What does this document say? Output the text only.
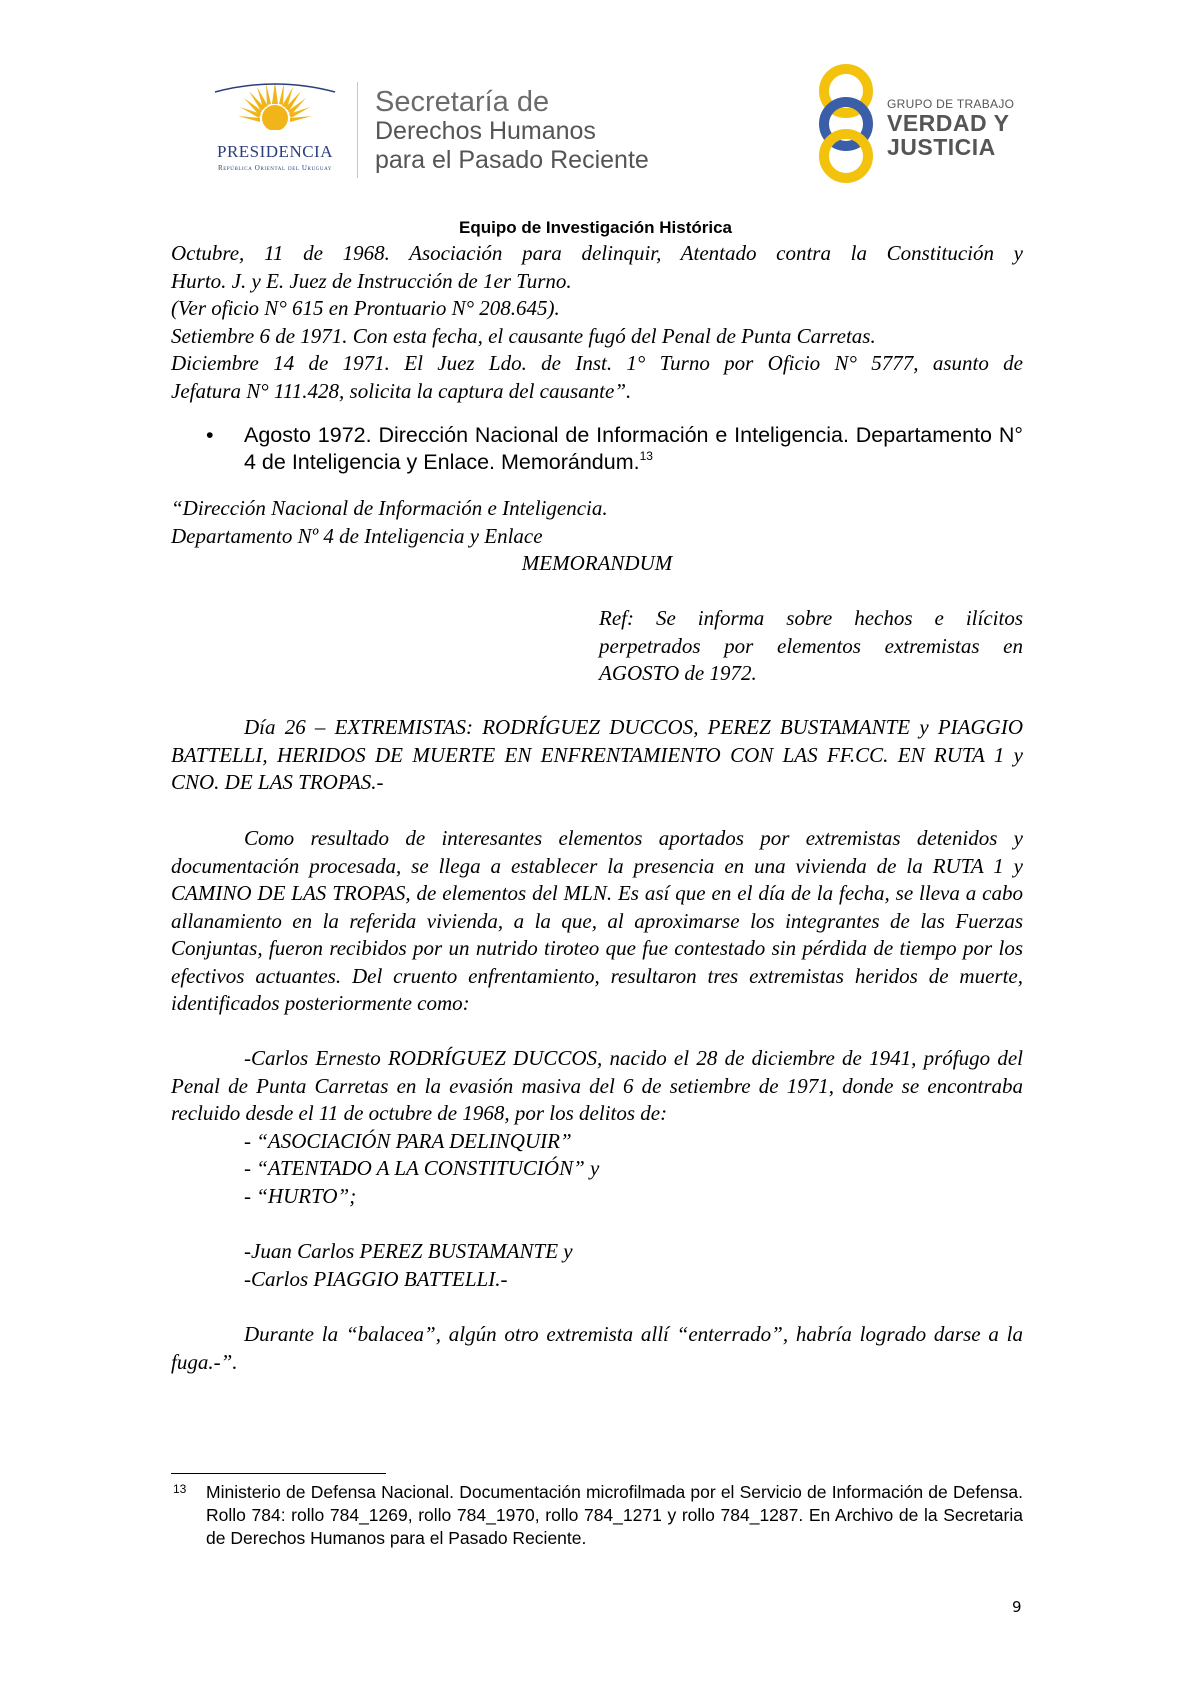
PRESIDENCIA
República Oriental del Uruguay
Secretaría de
Derechos Humanos
para el Pasado Reciente
GRUPO DE TRABAJO
VERDAD Y
JUSTICIA
Equipo de Investigación Histórica
Octubre, 11 de 1968. Asociación para delinquir, Atentado contra la Constitución y
Hurto. J. y E. Juez de Instrucción de 1er Turno.
(Ver oficio N° 615 en Prontuario N° 208.645).
Setiembre 6 de 1971. Con esta fecha, el causante fugó del Penal de Punta Carretas.
Diciembre 14 de 1971. El Juez Ldo. de Inst. 1° Turno por Oficio N° 5777, asunto de
Jefatura N° 111.428, solicita la captura del causante”.
• Agosto 1972. Dirección Nacional de Información e Inteligencia. Departamento N° 4 de Inteligencia y Enlace. Memorándum.$^{13}$
“Dirección Nacional de Información e Inteligencia.
Departamento Nº 4 de Inteligencia y Enlace
MEMORANDUM
Ref: Se informa sobre hechos e ilícitos
perpetrados por elementos extremistas en
AGOSTO de 1972.

Día 26 – EXTREMISTAS: RODRÍGUEZ DUCCOS, PEREZ BUSTAMANTE y PIAGGIO BATTELLI, HERIDOS DE MUERTE EN ENFRENTAMIENTO CON LAS FF.CC. EN RUTA 1 y CNO. DE LAS TROPAS.-

Como resultado de interesantes elementos aportados por extremistas detenidos y documentación procesada, se llega a establecer la presencia en una vivienda de la RUTA 1 y CAMINO DE LAS TROPAS, de elementos del MLN. Es así que en el día de la fecha, se lleva a cabo allanamiento en la referida vivienda, a la que, al aproximarse los integrantes de las Fuerzas Conjuntas, fueron recibidos por un nutrido tiroteo que fue contestado sin pérdida de tiempo por los efectivos actuantes. Del cruento enfrentamiento, resultaron tres extremistas heridos de muerte, identificados posteriormente como:

-Carlos Ernesto RODRÍGUEZ DUCCOS, nacido el 28 de diciembre de 1941, prófugo del Penal de Punta Carretas en la evasión masiva del 6 de setiembre de 1971, donde se encontraba recluido desde el 11 de octubre de 1968, por los delitos de:

- “ASOCIACIÓN PARA DELINQUIR”
- “ATENTADO A LA CONSTITUCIÓN” y
- “HURTO”;
-Juan Carlos PEREZ BUSTAMANTE y
-Carlos PIAGGIO BATTELLI.-

Durante la “balacea”, algún otro extremista allí “enterrado”, habría logrado darse a la fuga.-”.

13 Ministerio de Defensa Nacional. Documentación microfilmada por el Servicio de Información de Defensa. Rollo 784: rollo 784_1269, rollo 784_1970, rollo 784_1271 y rollo 784_1287. En Archivo de la Secretaria de Derechos Humanos para el Pasado Reciente.
9
